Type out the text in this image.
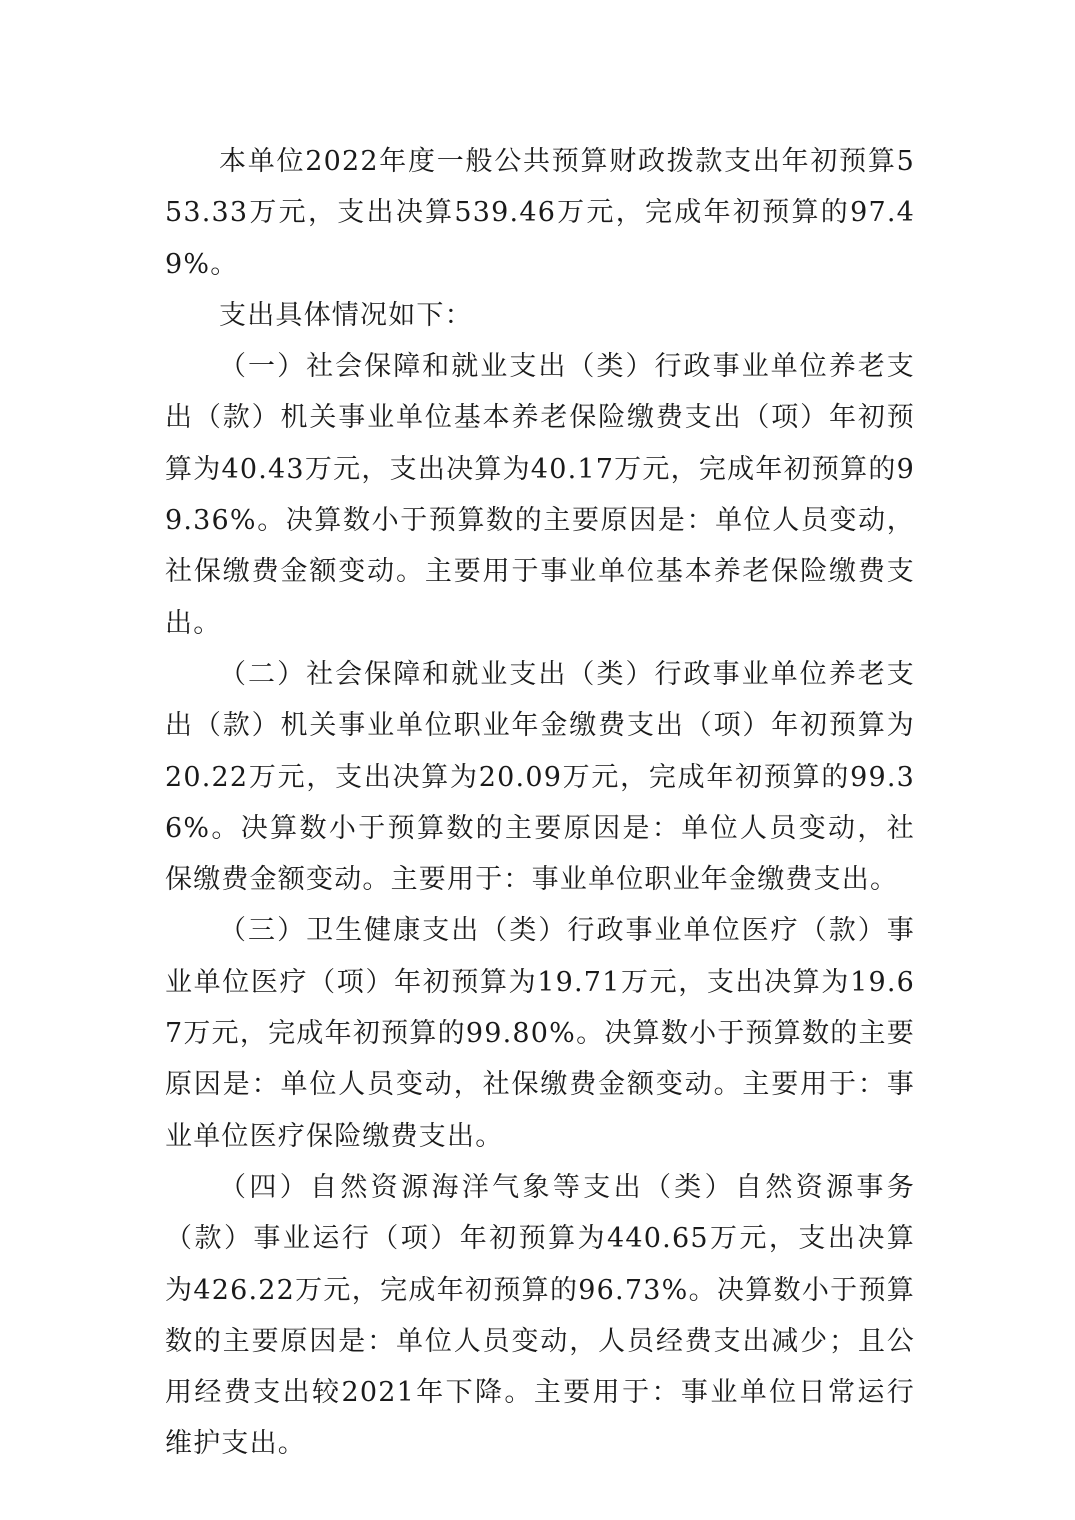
本单位2022年度一般公共预算财政拨款支出年初预算553.33万元，支出决算539.46万元，完成年初预算的97.49%。

支出具体情况如下：

（一）社会保障和就业支出（类）行政事业单位养老支出（款）机关事业单位基本养老保险缴费支出（项）年初预算为40.43万元，支出决算为40.17万元，完成年初预算的99.36%。决算数小于预算数的主要原因是：单位人员变动，社保缴费金额变动。主要用于事业单位基本养老保险缴费支出。

（二）社会保障和就业支出（类）行政事业单位养老支出（款）机关事业单位职业年金缴费支出（项）年初预算为20.22万元，支出决算为20.09万元，完成年初预算的99.36%。决算数小于预算数的主要原因是：单位人员变动，社保缴费金额变动。主要用于：事业单位职业年金缴费支出。

（三）卫生健康支出（类）行政事业单位医疗（款）事业单位医疗（项）年初预算为19.71万元，支出决算为19.67万元，完成年初预算的99.80%。决算数小于预算数的主要原因是：单位人员变动，社保缴费金额变动。主要用于：事业单位医疗保险缴费支出。

（四）自然资源海洋气象等支出（类）自然资源事务（款）事业运行（项）年初预算为440.65万元，支出决算为426.22万元，完成年初预算的96.73%。决算数小于预算数的主要原因是：单位人员变动，人员经费支出减少；且公用经费支出较2021年下降。主要用于：事业单位日常运行维护支出。
